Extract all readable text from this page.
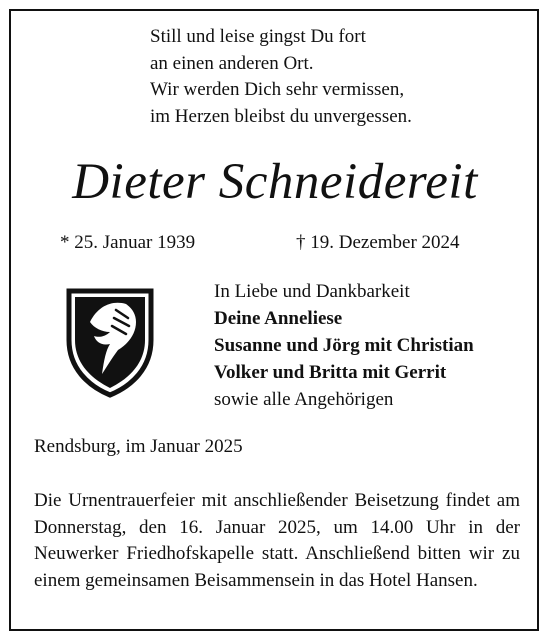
Still und leise gingst Du fort
an einen anderen Ort.
Wir werden Dich sehr vermissen,
im Herzen bleibst du unvergessen.
Dieter Schneidereit
* 25. Januar 1939	† 19. Dezember 2024
In Liebe und Dankbarkeit
Deine Anneliese
Susanne und Jörg mit Christian
Volker und Britta mit Gerrit
sowie alle Angehörigen
Rendsburg, im Januar 2025
Die Urnentrauerfeier mit anschließender Beisetzung findet am Donnerstag, den 16. Januar 2025, um 14.00 Uhr in der Neuwerker Friedhofskapelle statt. Anschließend bitten wir zu einem gemeinsamen Beisammensein in das Hotel Hansen.
